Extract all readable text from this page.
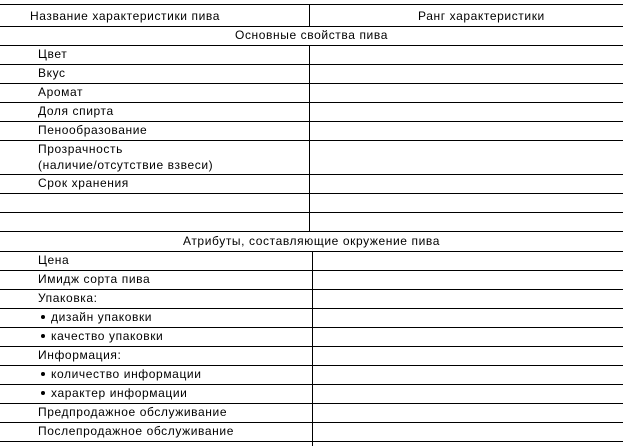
Название характеристики пива	Ранг характеристики
Основные свойства пива
Цвет
Вкус
Аромат
Доля спирта
Пенообразование
Прозрачность
(наличие/отсутствие взвеси)
Срок хранения
Атрибуты, составляющие окружение пива
Цена
Имидж сорта пива
Упаковка:
дизайн упаковки
качество упаковки
Информация:
количество информации
характер информации
Предпродажное обслуживание
Послепродажное обслуживание
